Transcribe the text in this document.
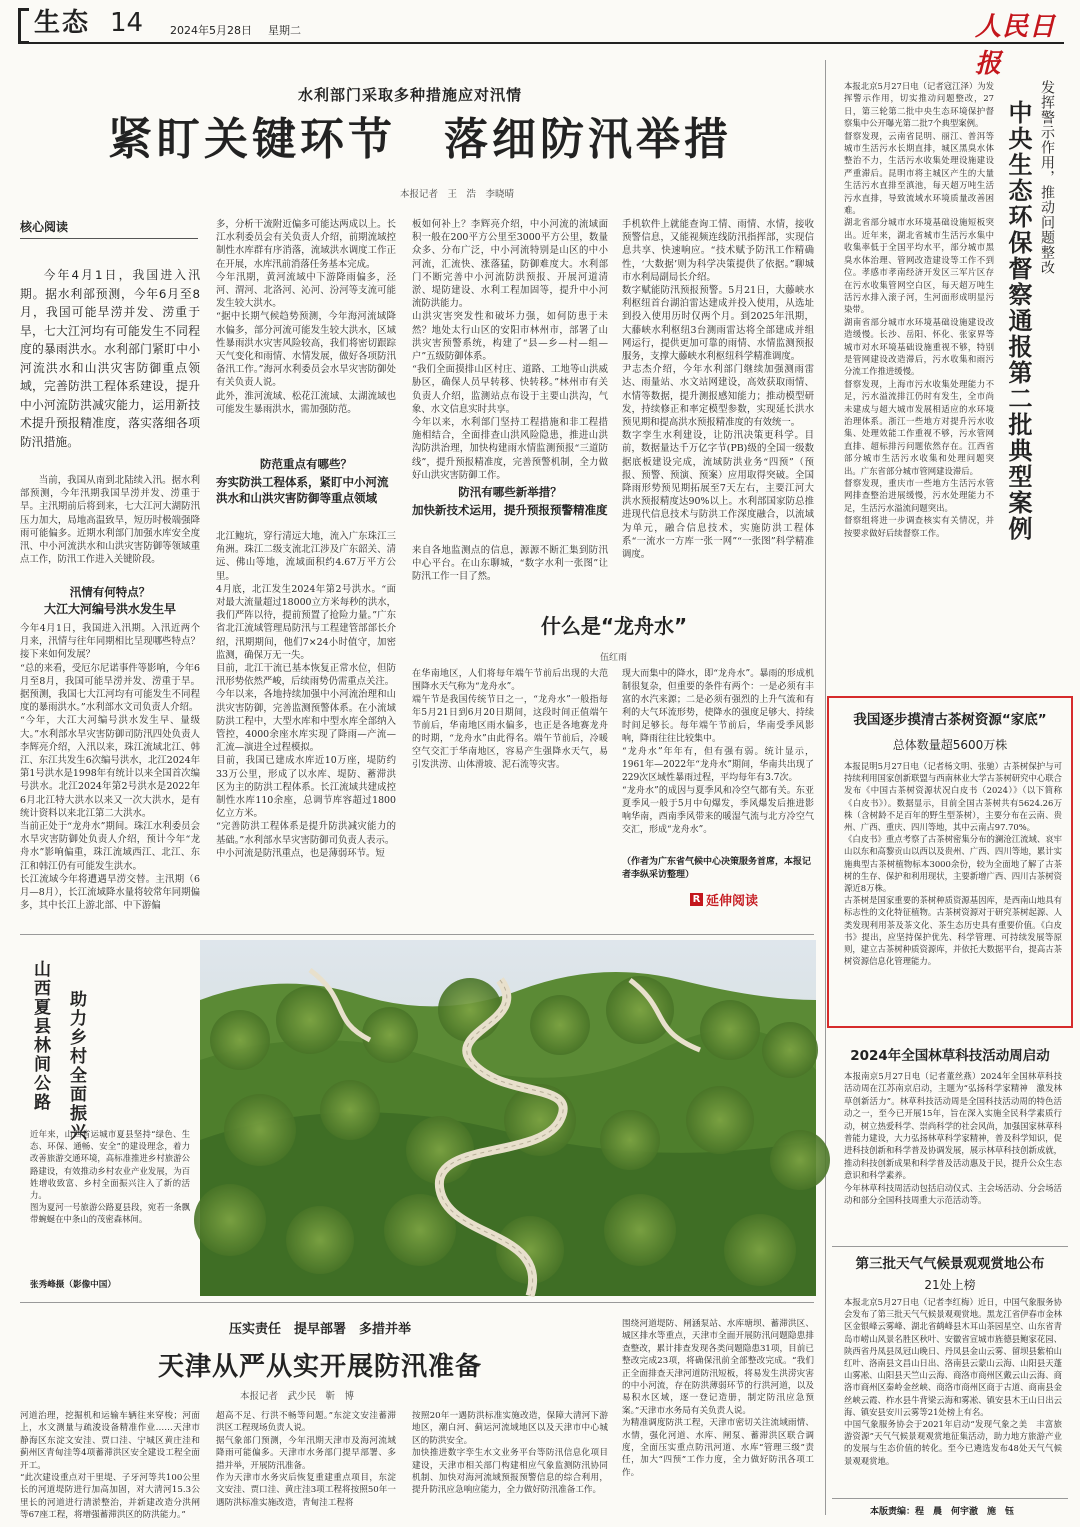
生态 14 2024年5月28日 星期二	人民日报
水利部门采取多种措施应对汛情
紧盯关键环节　落细防汛举措
本报记者　王　浩　李晓晴
核心阅读
今年4月1日，我国进入汛期。据水利部预测，今年6月至8月，我国可能旱涝并发、涝重于旱，七大江河均有可能发生不同程度的暴雨洪水。水利部门紧盯中小河流洪水和山洪灾害防御重点领域，完善防洪工程体系建设，提升中小河流防洪减灾能力，运用新技术提升预报精准度，落实落细各项防汛措施。
当前，我国从南到北陆续入汛。据水利部预测，今年汛期我国旱涝并发、涝重于旱。主汛期前后将到来，七大江河大湖防汛压力加大，局地高温致旱，短历时极端强降雨可能偏多。近期水利部门加强水库安全度汛、中小河流洪水和山洪灾害防御等领域重点工作，防汛工作进入关键阶段。
汛情有何特点？
大江大河编号洪水发生早
今年4月1日，我国进入汛期。入汛近两个月来，汛情与往年同期相比呈现哪些特点？接下来如何发展？
“总的来看，受厄尔尼诺事件等影响，今年6月至8月，我国可能旱涝并发、涝重于旱。据预测，我国七大江河均有可能发生不同程度的暴雨洪水。”水利部水文司负责人介绍。
“今年，大江大河编号洪水发生早、量级大。”水利部水旱灾害防御司防汛四处负责人李辉亮介绍，入汛以来，珠江流域北江、韩江、东江共发生6次编号洪水，北江2024年第1号洪水是1998年有统计以来全国首次编号洪水。北江2024年第2号洪水是2022年6月北江特大洪水以来又一次大洪水，是有统计资料以来北江第二大洪水。
当前正处于“龙舟水”期间。珠江水利委员会水旱灾害防御处负责人介绍，预计今年“龙舟水”影响偏重，珠江流域西江、北江、东江和韩江仍有可能发生洪水。
长江流域今年将遭遇旱涝交替。主汛期（6月—8月），长江流域降水量将较常年同期偏多，其中长江上游北部、中下游偏
多，分析干流附近偏多可能达两成以上。长江水利委员会有关负责人介绍，前期流域控制性水库群有序消落，流域洪水调度工作正在开展，水库汛前消落任务基本完成。
今年汛期，黄河流域中下游降雨偏多，泾河、渭河、北洛河、沁河、汾河等支流可能发生较大洪水。
“据中长期气候趋势预测，今年海河流域降水偏多，部分河流可能发生较大洪水，区域性暴雨洪水灾害风险较高，我们将密切跟踪天气变化和雨情、水情发展，做好各项防汛备汛工作。”海河水利委员会水旱灾害防御处有关负责人说。
此外，淮河流域、松花江流域、太湖流域也可能发生暴雨洪水，需加强防范。
防范重点有哪些？
夯实防洪工程体系，紧盯中小河流洪水和山洪灾害防御等重点领域
北江鲍坑，穿行清远大地，流入广东珠江三角洲。珠江二级支流北江涉及广东韶关、清远、佛山等地，流域面积约4.67万平方公里。
4月底，北江发生2024年第2号洪水。“面对最大流量超过18000立方米每秒的洪水，我们严阵以待，提前预置了抢险力量。”广东省北江流域管理局防汛与工程建管部部长介绍，汛期期间，他们7×24小时值守，加密监测，确保万无一失。
目前，北江干流已基本恢复正常水位，但防汛形势依然严峻，后续雨势仍需重点关注。
今年以来，各地持续加强中小河流治理和山洪灾害防御，完善监测预警体系。在小流域防洪工程中，大型水库和中型水库全部纳入管控，4000余座水库实现了降雨—产流—汇流—演进全过程模拟。
目前，我国已建成水库近10万座，堤防约33万公里，形成了以水库、堤防、蓄滞洪区为主的防洪工程体系。长江流域共建成控制性水库110余座，总调节库容超过1800亿立方米。
“完善防洪工程体系是提升防洪减灾能力的基础。”水利部水旱灾害防御司负责人表示。
中小河流是防汛重点，也是薄弱环节。短
板如何补上？李辉亮介绍，中小河流的流域面积一般在200平方公里至3000平方公里，数量众多、分布广泛，中小河流特别是山区的中小河流，汇流快、涨落猛，防御难度大。水利部门不断完善中小河流防洪预报、开展河道清淤、堤防建设、水利工程加固等，提升中小河流防洪能力。
山洪灾害突发性和破坏力强，如何防患于未然？地处太行山区的安阳市林州市，部署了山洪灾害预警系统，构建了“县—乡—村—组—户”五级防御体系。
“我们全面摸排山区村庄、道路、工地等山洪威胁区，确保人员早转移、快转移。”林州市有关负责人介绍，监测站点布设于主要山洪沟，气象、水文信息实时共享。
今年以来，水利部门坚持工程措施和非工程措施相结合，全面排查山洪风险隐患，推进山洪沟防洪治理，加快构建雨水情监测预报“三道防线”，提升预报精准度，完善预警机制，全力做好山洪灾害防御工作。
防汛有哪些新举措？
加快新技术运用，提升预报预警精准度
来自各地监测点的信息，源源不断汇集到防汛中心平台。在山东聊城，“数字水利一张图”让防汛工作一目了然。
手机软件上就能查询工情、雨情、水情，接收预警信息，又能视频连线防汛指挥部，实现信息共享、快速响应。“技术赋予防汛工作精确性，‘大数据’则为科学决策提供了依据。”聊城市水利局副局长介绍。
数字赋能防汛预报预警。5月21日，大藤峡水利枢纽首台湖泊雷达建成并投入使用，从选址到投入使用历时仅两个月。到2025年汛期，大藤峡水利枢纽3台测雨雷达将全部建成并组网运行，提供更加可靠的雨情、水情监测预报服务，支撑大藤峡水利枢纽科学精准调度。
尹志杰介绍，今年水利部门继续加强测雨雷达、雨量站、水文站网建设，高效获取雨情、水情等数据，提升测报感知能力；推动模型研发，持续修正和率定模型参数，实现延长洪水预见期和提高洪水预报精准度的有效统一。
数字孪生水利建设，让防汛决策更科学。目前，数据量达千万亿字节(PB)级的全国一级数据底板建设完成，流域防洪业务“四预”（预报、预警、预演、预案）应用取得突破。全国降雨形势预见期拓展至7天左右，主要江河大洪水预报精度达90%以上。水利部国家防总推进现代信息技术与防洪工作深度融合，以流域为单元，融合信息技术，实施防洪工程体系“一流水一方库一张一网”“一张图”科学精准调度。
什么是“龙舟水”
伍红雨
在华南地区，人们将每年端午节前后出现的大范围降水天气称为“龙舟水”。
端午节是我国传统节日之一，“龙舟水”一般指每年5月21日到6月20日期间，这段时间正值端午节前后，华南地区雨水偏多，也正是各地赛龙舟的时期，“龙舟水”由此得名。端午节前后，冷暖空气交汇于华南地区，容易产生强降水天气，易引发洪涝、山体滑坡、泥石流等灾害。
现大而集中的降水，即“龙舟水”。暴雨的形成机制很复杂，但重要的条件有两个：一是必须有丰富的水汽来源；二是必须有强烈的上升气流和有利的大气环流形势，使降水的强度足够大、持续时间足够长。每年端午节前后，华南受季风影响，降雨往往比较集中。
“龙舟水”年年有，但有强有弱。统计显示，1961年—2022年“龙舟水”期间，华南共出现了229次区域性暴雨过程，平均每年有3.7次。
“龙舟水”的成因与夏季风和冷空气都有关。东亚夏季风一般于5月中旬爆发，季风爆发后推进影响华南，西南季风带来的暖湿气流与北方冷空气交汇，形成“龙舟水”。
（作者为广东省气候中心决策服务首席，本报记者李纵采访整理）
R 延伸阅读
中央生态环保督察通报第二批典型案例 发挥警示作用，推动问题整改
本报北京5月27日电（记者寇江泽）为发挥警示作用，切实推动问题整改，27日，第三轮第二批中央生态环境保护督察集中公开曝光第二批7个典型案例。
督察发现，云南省昆明、丽江、普洱等城市生活污水长期直排，城区黑臭水体整治不力，生活污水收集处理设施建设严重滞后。昆明市将主城区产生的大量生活污水直排至滇池，每天超万吨生活污水直排，导致流域水环境质量改善困难。
湖北省部分城市水环境基础设施短板突出。近年来，湖北省城市生活污水集中收集率低于全国平均水平，部分城市黑臭水体治理、管网改造建设等工作不到位。孝感市孝南经济开发区三军片区存在污水收集管网空白区，每天超万吨生活污水排入滚子河，生河面形成明显污染带。
湖南省部分城市水环境基础设施建设改造缓慢。长沙、岳阳、怀化、张家界等城市对水环境基础设施重视不够，特别是管网建设改造滞后，污水收集和雨污分流工作推进缓慢。
督察发现，上海市污水收集处理能力不足，污水溢流排江仍时有发生，全市尚未建成与超大城市发展相适应的水环境治理体系。浙江一些地方对提升污水收集、处理效能工作重视不够，污水管网直排、超标排污问题依然存在。江西省部分城市生活污水收集和处理问题突出。广东省部分城市管网建设滞后。
督察发现，重庆市一些地方生活污水管网排查整治进展缓慢，污水处理能力不足，生活污水溢流问题突出。
督察组将进一步调查核实有关情况，并按要求做好后续督察工作。
我国逐步摸清古茶树资源“家底”
总体数量超5600万株
本报昆明5月27日电（记者杨文明、张驰）古茶树保护与可持续利用国家创新联盟与西南林业大学古茶树研究中心联合发布《中国古茶树资源状况白皮书（2024）》（以下简称《白皮书》）。数据显示，目前全国古茶树共有5624.26万株（含树龄不足百年的野生型茶树），主要分布在云南、贵州、广西、重庆、四川等地，其中云南占97.70%。
《白皮书》重点考察了古茶树密集分布的澜沧江流域、哀牢山以东和高黎贡山以西以及贵州、广西、四川等地，累计实施典型古茶树植物标本3000余份，较为全面地了解了古茶树的生存、保护和利用现状，主要新增广西、四川古茶树资源近8万株。
古茶树是国家重要的茶树种质资源基因库，是西南山地具有标志性的文化特征植物。古茶树资源对于研究茶树起源、人类发现利用茶及茶文化、茶生态历史具有重要价值。《白皮书》提出，应坚持保护优先、科学管理、可持续发展等原则，建立古茶树种质资源库，并依托大数据平台，提高古茶树资源信息化管理能力。
2024年全国林草科技活动周启动
本报南京5月27日电（记者董丝燕）2024年全国林草科技活动周在江苏南京启动，主题为“弘扬科学家精神　激发林草创新活力”。林草科技活动周是全国科技活动周的特色活动之一，至今已开展15年，旨在深入实施全民科学素质行动，树立热爱科学、崇尚科学的社会风尚，加强国家林草科普能力建设，大力弘扬林草科学家精神，普及科学知识，促进科技创新和科学普及协调发展，展示林草科技创新成就，推动科技创新成果和科学普及活动惠及于民，提升公众生态意识和科学素养。
今年林草科技周活动包括启动仪式、主会场活动、分会场活动和部分全国科技周重大示范活动等。
第三批天气气候景观观赏地公布
21处上榜
本报北京5月27日电（记者李红梅）近日，中国气象服务协会发布了第三批天气气候景观观赏地。黑龙江省伊春市金林区金银峰云雾峰、湖北省鹤峰县木耳山茶园星空、山东省青岛市崂山风景名胜区秋叶、安徽省宣城市旌德县鲍家花园、陕西省丹凤县凤冠山晚日、丹凤县金山云雾、留坝县紫柏山红叶、洛南县文昌山日出、洛南县云蒙山云海、山阳县天蓬山雾凇、山阳县天竺山云海、商洛市商州区戴云山云海、商洛市商州区秦岭金丝峡、商洛市商州区商于古道、商南县金丝峡云霞、柞水县牛背梁云海和雾凇、镇安县木王山日出云海、镇安县安川云雾等21处榜上有名。
中国气象服务协会于2021年启动“发现气象之美　丰富旅游资源”天气气候景观观赏地征集活动，助力地方旅游产业的发展与生态价值的转化。至今已遴选发布48处天气气候景观观赏地。
山西夏县林间公路 助力乡村全面振兴
近年来，山西省运城市夏县坚持“绿色、生态、环保、通畅、安全”的建设理念，着力改善旅游交通环境，高标准推进乡村旅游公路建设，有效推动乡村农业产业发展，为百姓增收致富、乡村全面振兴注入了新的活力。
图为夏河一号旅游公路夏县段，宛若一条飘带蜿蜒在中条山的茂密森林间。
张秀峰摄（影像中国）
压实责任　提早部署　多措并举
天津从严从实开展防汛准备
本报记者　武少民　靳　博
河道治理，挖掘机和运输车辆往来穿梭；河面上，水文测量与疏浚设备精准作业……天津市静海区东淀文安洼、贾口洼、宁城区黄庄洼和蓟州区青甸洼等4项蓄滞洪区安全建设工程全面开工。
“此次建设重点对干里堤、子牙河等共100公里长的河道堤防进行加高加固，对大清河15.3公里长的河道进行清淤整治，并新建改造分洪闸等67座工程，将增强蓄滞洪区的防洪能力。”
超高不足、行洪不畅等问题。”东淀文安洼蓄滞洪区工程现场负责人说。
据气象部门预测，今年汛期天津市及海河流域降雨可能偏多。天津市水务部门提早部署、多措并举，开展防汛准备。
作为天津市水务灾后恢复重建重点项目，东淀文安洼、贾口洼、黄庄洼3项工程将按照50年一遇防洪标准实施改造，青甸洼工程将
按照20年一遇防洪标准实施改造，保障大清河下游地区，潮白河、蓟运河流域地区以及天津市中心城区的防洪安全。
加快推进数字孪生水文业务平台等防汛信息化项目建设，天津市相关部门构建相应气象监测防汛协同机制、加快对海河流域预报预警信息的综合利用，提升防汛应急响应能力，全力做好防汛准备工作。
围绕河道堤防、闸涵泵站、水库塘坝、蓄滞洪区、城区排水等重点，天津市全面开展防汛问题隐患排查整改，累计排查发现各类问题隐患31项，目前已整改完成23项，将确保汛前全部整改完成。“我们正全面排查天津河道防汛短板，将易发生洪涝灾害的中小河流，存在防洪薄弱环节的行洪河道，以及易积水区域，逐一登记造册，制定防汛应急预案。”天津市水务局有关负责人说。
为精准调度防洪工程，天津市密切关注流域雨情、水情，强化河道、水库、闸泵、蓄滞洪区联合调度，全面压实重点防汛河道、水库“管理三级”责任，加大“四预”工作力度，全力做好防汛各项工作。
本版责编：程　晨　何宇澈　施　钰
